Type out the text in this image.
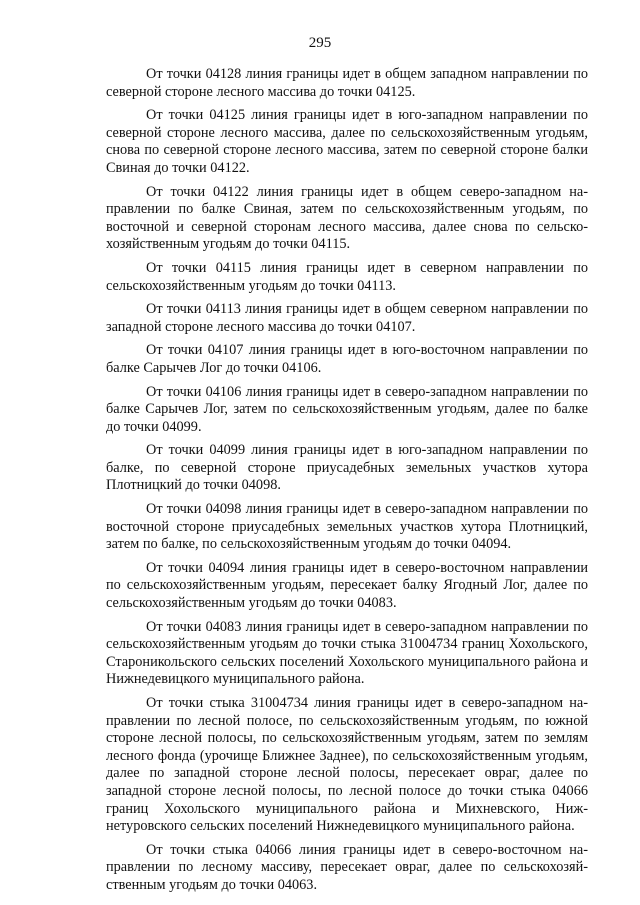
295

От точки 04128 линия границы идет в общем западном направлении по северной стороне лесного массива до точки 04125.

От точки 04125 линия границы идет в юго-западном направлении по северной стороне лесного массива, далее по сельскохозяйственным угодьям, снова по северной стороне лесного массива, затем по северной стороне балки Свиная до точки 04122.

От точки 04122 линия границы идет в общем северо-западном направлении по балке Свиная, затем по сельскохозяйственным угодьям, по восточной и северной сторонам лесного массива, далее снова по сельскохозяйственным угодьям до точки 04115.

От точки 04115 линия границы идет в северном направлении по сельскохозяйственным угодьям до точки 04113.

От точки 04113 линия границы идет в общем северном направлении по западной стороне лесного массива до точки 04107.

От точки 04107 линия границы идет в юго-восточном направлении по балке Сарычев Лог до точки 04106.

От точки 04106 линия границы идет в северо-западном направлении по балке Сарычев Лог, затем по сельскохозяйственным угодьям, далее по балке до точки 04099.

От точки 04099 линия границы идет в юго-западном направлении по балке, по северной стороне приусадебных земельных участков хутора Плотницкий до точки 04098.

От точки 04098 линия границы идет в северо-западном направлении по восточной стороне приусадебных земельных участков хутора Плотницкий, затем по балке, по сельскохозяйственным угодьям до точки 04094.

От точки 04094 линия границы идет в северо-восточном направлении по сельскохозяйственным угодьям, пересекает балку Ягодный Лог, далее по сельскохозяйственным угодьям до точки 04083.

От точки 04083 линия границы идет в северо-западном направлении по сельскохозяйственным угодьям до точки стыка 31004734 границ Хохольского, Староникольского сельских поселений Хохольского муниципального района и Нижнедевицкого муниципального района.

От точки стыка 31004734 линия границы идет в северо-западном направлении по лесной полосе, по сельскохозяйственным угодьям, по южной стороне лесной полосы, по сельскохозяйственным угодьям, затем по землям лесного фонда (урочище Ближнее Заднее), по сельскохозяйственным угодьям, далее по западной стороне лесной полосы, пересекает овраг, далее по западной стороне лесной полосы, по лесной полосе до точки стыка 04066 границ Хохольского муниципального района и Михневского, Нижнетуровского сельских поселений Нижнедевицкого муниципального района.

От точки стыка 04066 линия границы идет в северо-восточном направлении по лесному массиву, пересекает овраг, далее по сельскохозяйственным угодьям до точки 04063.
